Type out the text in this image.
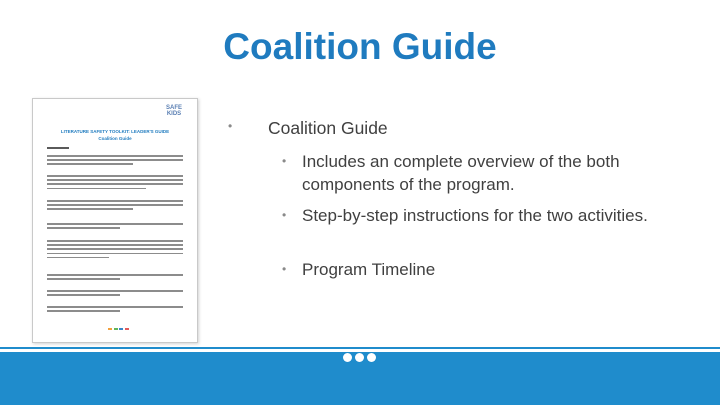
Coalition Guide
SAFE
KIDS
LITERATURE SAFETY TOOLKIT: LEADER'S GUIDE
Coalition Guide
• Coalition Guide
• Includes an complete overview of the both components of the program.
• Step-by-step instructions for the two activities.
• Program Timeline
